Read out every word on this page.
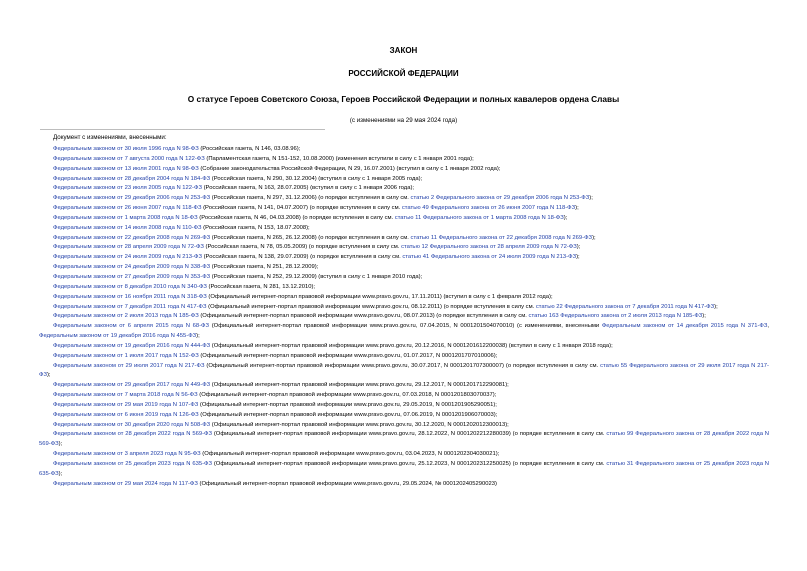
ЗАКОН
РОССИЙСКОЙ ФЕДЕРАЦИИ
О статусе Героев Советского Союза, Героев Российской Федерации и полных кавалеров ордена Славы
(с изменениями на 29 мая 2024 года)
Документ с изменениями, внесенными:

Федеральным законом от 30 июля 1996 года N 98-ФЗ (Российская газета, N 146, 03.08.96);

Федеральным законом от 7 августа 2000 года N 122-ФЗ (Парламентская газета, N 151-152, 10.08.2000) (изменения вступили в силу с 1 января 2001 года);

Федеральным законом от 13 июля 2001 года N 98-ФЗ (Собрание законодательства Российской Федерации, N 29, 16.07.2001) (вступил в силу с 1 января 2002 года);

Федеральным законом от 28 декабря 2004 года N 184-ФЗ (Российская газета, N 290, 30.12.2004) (вступил в силу с 1 января 2005 года);

Федеральным законом от 23 июля 2005 года N 122-ФЗ (Российская газета, N 163, 28.07.2005) (вступил в силу с 1 января 2006 года);

Федеральным законом от 29 декабря 2006 года N 253-ФЗ (Российская газета, N 297, 31.12.2006) (о порядке вступления в силу см. статью 2 Федерального закона от 29 декабря 2006 года N 253-ФЗ);

Федеральным законом от 26 июня 2007 года N 118-ФЗ (Российская газета, N 141, 04.07.2007) (о порядке вступления в силу см. статью 49 Федерального закона от 26 июня 2007 года N 118-ФЗ);

Федеральным законом от 1 марта 2008 года N 18-ФЗ (Российская газета, N 46, 04.03.2008) (о порядке вступления в силу см. статью 11 Федерального закона от 1 марта 2008 года N 18-ФЗ);

Федеральным законом от 14 июля 2008 года N 110-ФЗ (Российская газета, N 153, 18.07.2008);

Федеральным законом от 22 декабря 2008 года N 269-ФЗ (Российская газета, N 265, 26.12.2008) (о порядке вступления в силу см. статью 11 Федерального закона от 22 декабря 2008 года N 269-ФЗ);

Федеральным законом от 28 апреля 2009 года N 72-ФЗ (Российская газета, N 78, 05.05.2009) (о порядке вступления в силу см. статью 12 Федерального закона от 28 апреля 2009 года N 72-ФЗ);

Федеральным законом от 24 июля 2009 года N 213-ФЗ (Российская газета, N 138, 29.07.2009) (о порядке вступления в силу см. статью 41 Федерального закона от 24 июля 2009 года N 213-ФЗ);

Федеральным законом от 24 декабря 2009 года N 338-ФЗ (Российская газета, N 251, 28.12.2009);

Федеральным законом от 27 декабря 2009 года N 353-ФЗ (Российская газета, N 252, 29.12.2009) (вступил в силу с 1 января 2010 года);

Федеральным законом от 8 декабря 2010 года N 340-ФЗ (Российская газета, N 281, 13.12.2010);

Федеральным законом от 16 ноября 2011 года N 318-ФЗ (Официальный интернет-портал правовой информации www.pravo.gov.ru, 17.11.2011) (вступил в силу с 1 февраля 2012 года);

Федеральным законом от 7 декабря 2011 года N 417-ФЗ (Официальный интернет-портал правовой информации www.pravo.gov.ru, 08.12.2011) (о порядке вступления в силу см. статью 22 Федерального закона от 7 декабря 2011 года N 417-ФЗ);

Федеральным законом от 2 июля 2013 года N 185-ФЗ (Официальный интернет-портал правовой информации www.pravo.gov.ru, 08.07.2013) (о порядке вступления в силу см. статью 163 Федерального закона от 2 июля 2013 года N 185-ФЗ);

Федеральным законом от 6 апреля 2015 года N 68-ФЗ (Официальный интернет-портал правовой информации www.pravo.gov.ru, 07.04.2015, N 0001201504070010) (с изменениями, внесенными Федеральным законом от 14 декабря 2015 года N 371-ФЗ, Федеральным законом от 19 декабря 2016 года N 455-ФЗ);

Федеральным законом от 19 декабря 2016 года N 444-ФЗ (Официальный интернет-портал правовой информации www.pravo.gov.ru, 20.12.2016, N 0001201612200038) (вступил в силу с 1 января 2018 года);

Федеральным законом от 1 июля 2017 года N 152-ФЗ (Официальный интернет-портал правовой информации www.pravo.gov.ru, 01.07.2017, N 0001201707010006);

Федеральным законом от 29 июля 2017 года N 217-ФЗ (Официальный интернет-портал правовой информации www.pravo.gov.ru, 30.07.2017, N 0001201707300007) (о порядке вступления в силу см. статью 55 Федерального закона от 29 июля 2017 года N 217-ФЗ);

Федеральным законом от 29 декабря 2017 года N 449-ФЗ (Официальный интернет-портал правовой информации www.pravo.gov.ru, 29.12.2017, N 0001201712290081);

Федеральным законом от 7 марта 2018 года N 56-ФЗ (Официальный интернет-портал правовой информации www.pravo.gov.ru, 07.03.2018, N 0001201803070037);

Федеральным законом от 29 мая 2019 года N 107-ФЗ (Официальный интернет-портал правовой информации www.pravo.gov.ru, 29.05.2019, N 0001201905290051);

Федеральным законом от 6 июня 2019 года N 126-ФЗ (Официальный интернет-портал правовой информации www.pravo.gov.ru, 07.06.2019, N 0001201906070003);

Федеральным законом от 30 декабря 2020 года N 508-ФЗ (Официальный интернет-портал правовой информации www.pravo.gov.ru, 30.12.2020, N 0001202012300013);

Федеральным законом от 28 декабря 2022 года N 569-ФЗ (Официальный интернет-портал правовой информации www.pravo.gov.ru, 28.12.2022, N 0001202212280039) (о порядке вступления в силу см. статью 99 Федерального закона от 28 декабря 2022 года N 569-ФЗ);

Федеральным законом от 3 апреля 2023 года N 95-ФЗ (Официальный интернет-портал правовой информации www.pravo.gov.ru, 03.04.2023, N 0001202304030021);

Федеральным законом от 25 декабря 2023 года N 635-ФЗ (Официальный интернет-портал правовой информации www.pravo.gov.ru, 25.12.2023, N 0001202312250025) (о порядке вступления в силу см. статью 31 Федерального закона от 25 декабря 2023 года N 635-ФЗ);

Федеральным законом от 29 мая 2024 года N 117-ФЗ (Официальный интернет-портал правовой информации www.pravo.gov.ru, 29.05.2024, № 0001202405290023)
